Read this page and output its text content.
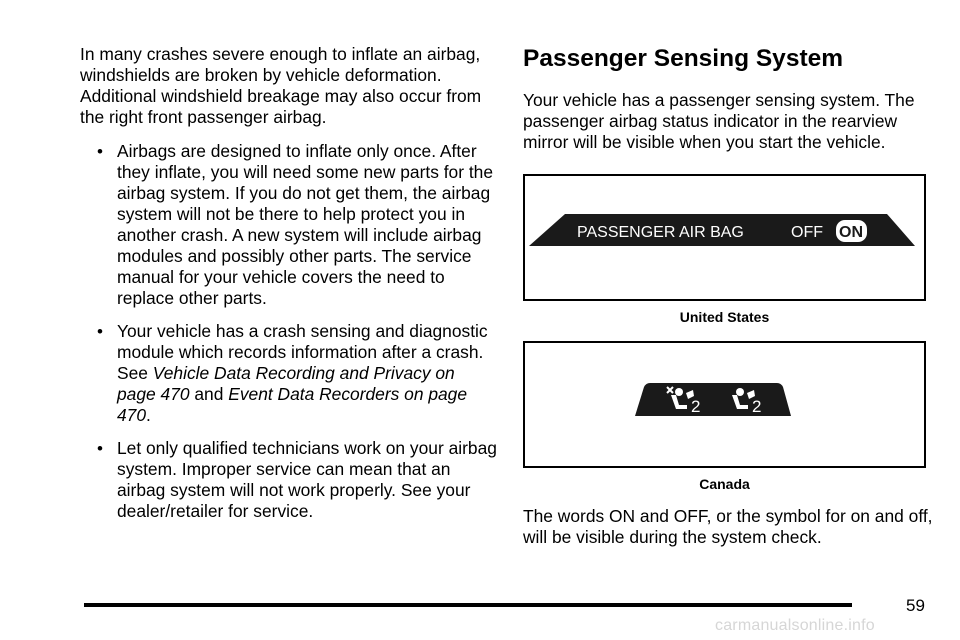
In many crashes severe enough to inflate an airbag, windshields are broken by vehicle deformation. Additional windshield breakage may also occur from the right front passenger airbag.

• Airbags are designed to inflate only once. After they inflate, you will need some new parts for the airbag system. If you do not get them, the airbag system will not be there to help protect you in another crash. A new system will include airbag modules and possibly other parts. The service manual for your vehicle covers the need to replace other parts.
• Your vehicle has a crash sensing and diagnostic module which records information after a crash. See Vehicle Data Recording and Privacy on page 470 and Event Data Recorders on page 470.
• Let only qualified technicians work on your airbag system. Improper service can mean that an airbag system will not work properly. See your dealer/retailer for service.
Passenger Sensing System

Your vehicle has a passenger sensing system. The passenger airbag status indicator in the rearview mirror will be visible when you start the vehicle.

PASSENGER AIR BAG	OFF ON
United States
2	2
Canada

The words ON and OFF, or the symbol for on and off, will be visible during the system check.

59
carmanualsonline.info
